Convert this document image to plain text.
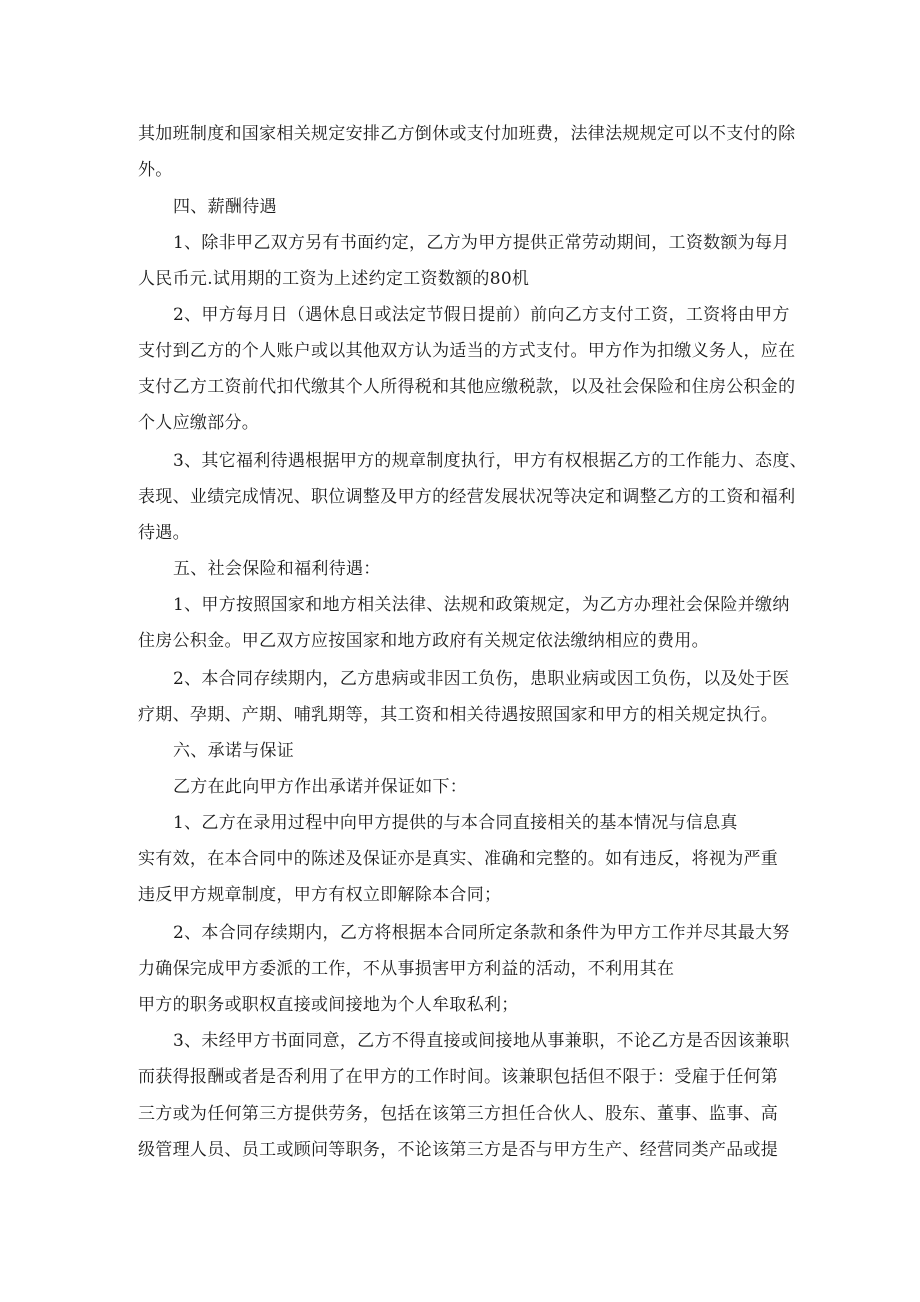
其加班制度和国家相关规定安排乙方倒休或支付加班费，法律法规规定可以不支付的除
外。
四、薪酬待遇
1、除非甲乙双方另有书面约定，乙方为甲方提供正常劳动期间，工资数额为每月
人民币元.试用期的工资为上述约定工资数额的80机
2、甲方每月日（遇休息日或法定节假日提前）前向乙方支付工资，工资将由甲方
支付到乙方的个人账户或以其他双方认为适当的方式支付。甲方作为扣缴义务人，应在
支付乙方工资前代扣代缴其个人所得税和其他应缴税款，以及社会保险和住房公积金的
个人应缴部分。
3、其它福利待遇根据甲方的规章制度执行，甲方有权根据乙方的工作能力、态度、
表现、业绩完成情况、职位调整及甲方的经营发展状况等决定和调整乙方的工资和福利
待遇。
五、社会保险和福利待遇：
1、甲方按照国家和地方相关法律、法规和政策规定，为乙方办理社会保险并缴纳
住房公积金。甲乙双方应按国家和地方政府有关规定依法缴纳相应的费用。
2、本合同存续期内，乙方患病或非因工负伤，患职业病或因工负伤，以及处于医
疗期、孕期、产期、哺乳期等，其工资和相关待遇按照国家和甲方的相关规定执行。
六、承诺与保证
乙方在此向甲方作出承诺并保证如下：
1、乙方在录用过程中向甲方提供的与本合同直接相关的基本情况与信息真
实有效，在本合同中的陈述及保证亦是真实、准确和完整的。如有违反，将视为严重
违反甲方规章制度，甲方有权立即解除本合同；
2、本合同存续期内，乙方将根据本合同所定条款和条件为甲方工作并尽其最大努
力确保完成甲方委派的工作，不从事损害甲方利益的活动，不利用其在
甲方的职务或职权直接或间接地为个人牟取私利；
3、未经甲方书面同意，乙方不得直接或间接地从事兼职，不论乙方是否因该兼职
而获得报酬或者是否利用了在甲方的工作时间。该兼职包括但不限于：受雇于任何第
三方或为任何第三方提供劳务，包括在该第三方担任合伙人、股东、董事、监事、高
级管理人员、员工或顾问等职务，不论该第三方是否与甲方生产、经营同类产品或提
